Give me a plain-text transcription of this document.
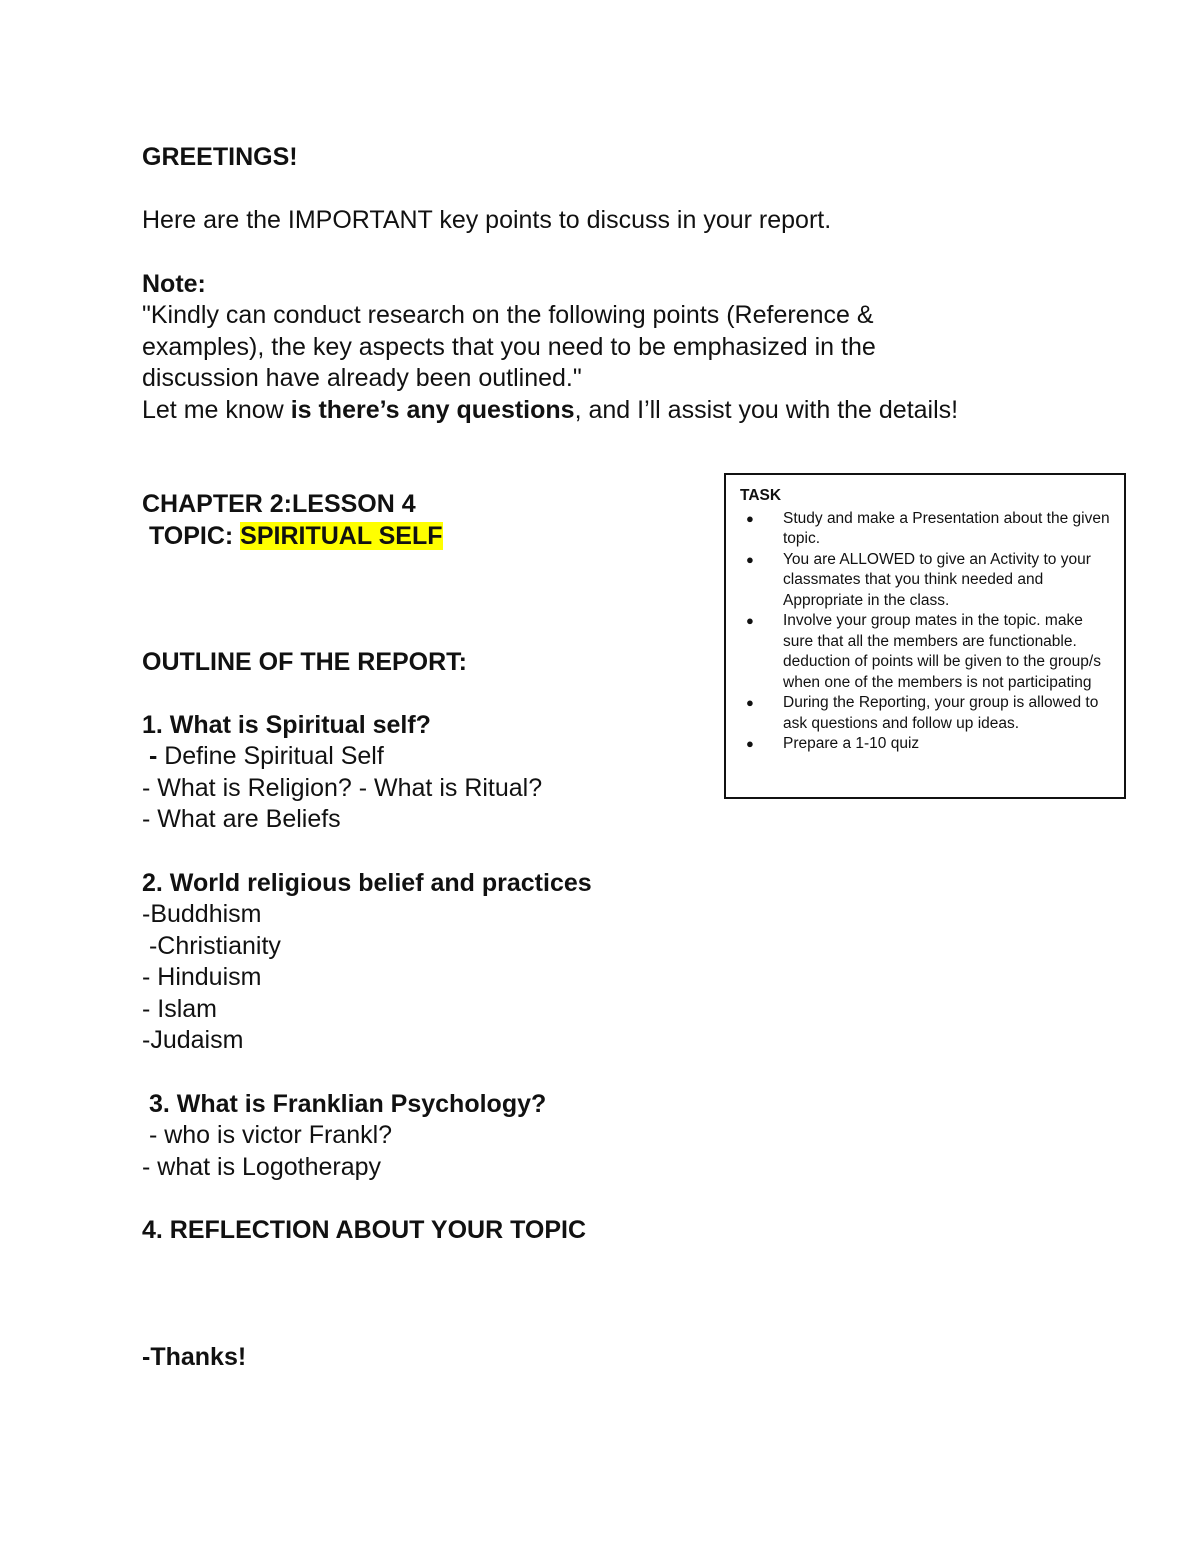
GREETINGS!
Here are the IMPORTANT key points to discuss in your report.
Note:
"Kindly can conduct research on the following points (Reference &
examples), the key aspects that you need to be emphasized in the
discussion have already been outlined."
Let me know is there’s any questions, and I’ll assist you with the details!
CHAPTER 2:LESSON 4
TOPIC: SPIRITUAL SELF
OUTLINE OF THE REPORT:
1. What is Spiritual self?
- Define Spiritual Self
- What is Religion? - What is Ritual?
- What are Beliefs
2. World religious belief and practices
-Buddhism
-Christianity
- Hinduism
- Islam
-Judaism
3. What is Franklian Psychology?
- who is victor Frankl?
- what is Logotherapy
4. REFLECTION ABOUT YOUR TOPIC
-Thanks!
TASK
● Study and make a Presentation about the given topic.
● You are ALLOWED to give an Activity to your classmates that you think needed and Appropriate in the class.
● Involve your group mates in the topic. make sure that all the members are functionable. deduction of points will be given to the group/s when one of the members is not participating
● During the Reporting, your group is allowed to ask questions and follow up ideas.
● Prepare a 1-10 quiz
